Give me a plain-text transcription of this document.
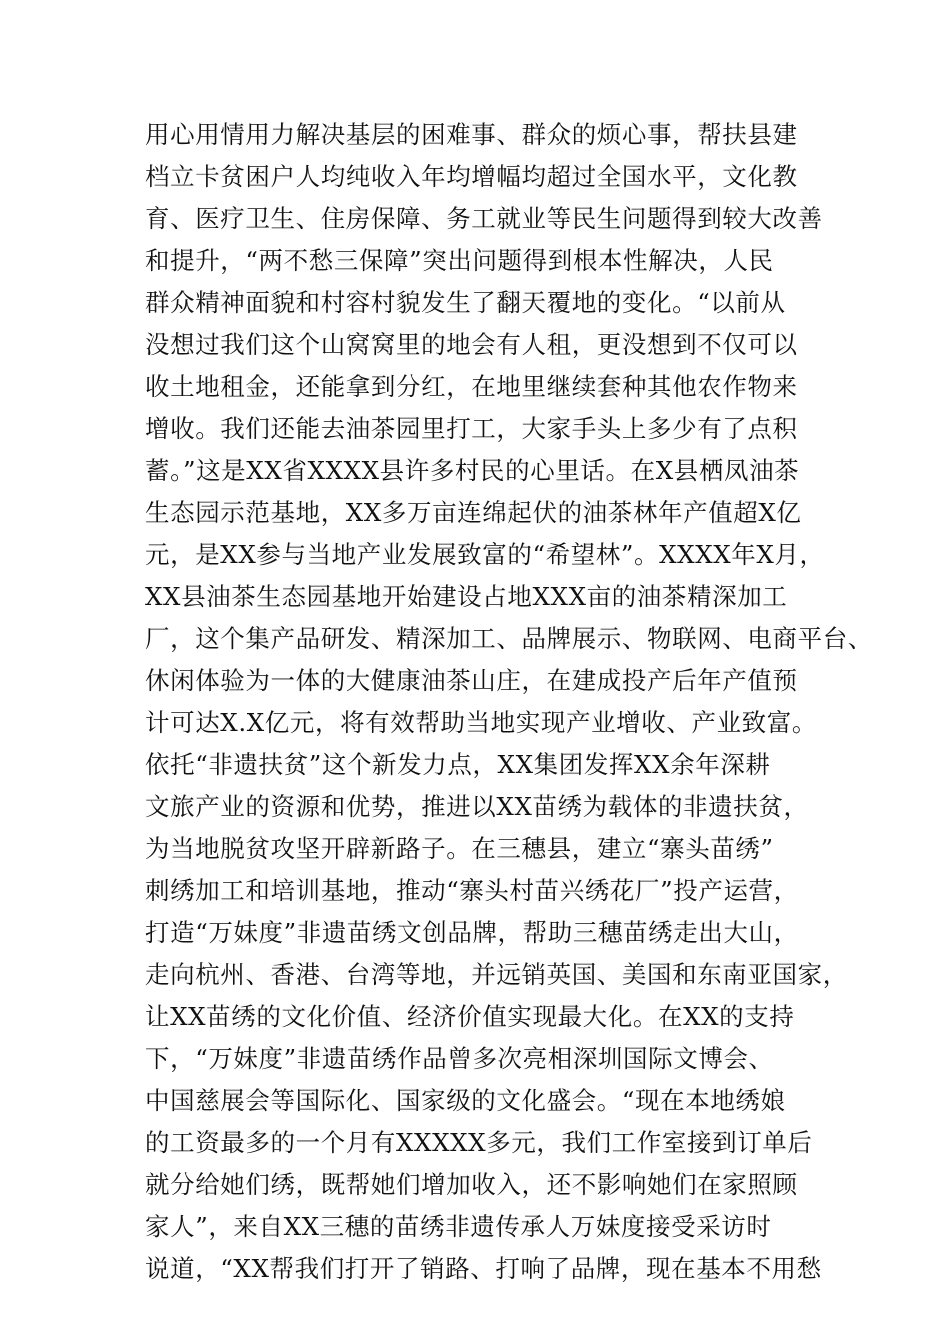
用心用情用力解决基层的困难事、群众的烦心事，帮扶县建
档立卡贫困户人均纯收入年均增幅均超过全国水平，文化教
育、医疗卫生、住房保障、务工就业等民生问题得到较大改善
和提升，“两不愁三保障”突出问题得到根本性解决，人民
群众精神面貌和村容村貌发生了翻天覆地的变化。“以前从
没想过我们这个山窝窝里的地会有人租，更没想到不仅可以
收土地租金，还能拿到分红，在地里继续套种其他农作物来
增收。我们还能去油茶园里打工，大家手头上多少有了点积
蓄。”这是XX省XXXX县许多村民的心里话。在X县栖凤油茶
生态园示范基地，XX多万亩连绵起伏的油茶林年产值超X亿
元，是XX参与当地产业发展致富的“希望林”。XXXX年X月，
XX县油茶生态园基地开始建设占地XXX亩的油茶精深加工
厂，这个集产品研发、精深加工、品牌展示、物联网、电商平台、
休闲体验为一体的大健康油茶山庄，在建成投产后年产值预
计可达X.X亿元，将有效帮助当地实现产业增收、产业致富。
依托“非遗扶贫”这个新发力点，XX集团发挥XX余年深耕
文旅产业的资源和优势，推进以XX苗绣为载体的非遗扶贫，
为当地脱贫攻坚开辟新路子。在三穗县，建立“寨头苗绣”
刺绣加工和培训基地，推动“寨头村苗兴绣花厂”投产运营，
打造“万妹度”非遗苗绣文创品牌，帮助三穗苗绣走出大山，
走向杭州、香港、台湾等地，并远销英国、美国和东南亚国家，
让XX苗绣的文化价值、经济价值实现最大化。在XX的支持
下，“万妹度”非遗苗绣作品曾多次亮相深圳国际文博会、
中国慈展会等国际化、国家级的文化盛会。“现在本地绣娘
的工资最多的一个月有XXXXX多元，我们工作室接到订单后
就分给她们绣，既帮她们增加收入，还不影响她们在家照顾
家人”，来自XX三穗的苗绣非遗传承人万妹度接受采访时
说道，“XX帮我们打开了销路、打响了品牌，现在基本不用愁
